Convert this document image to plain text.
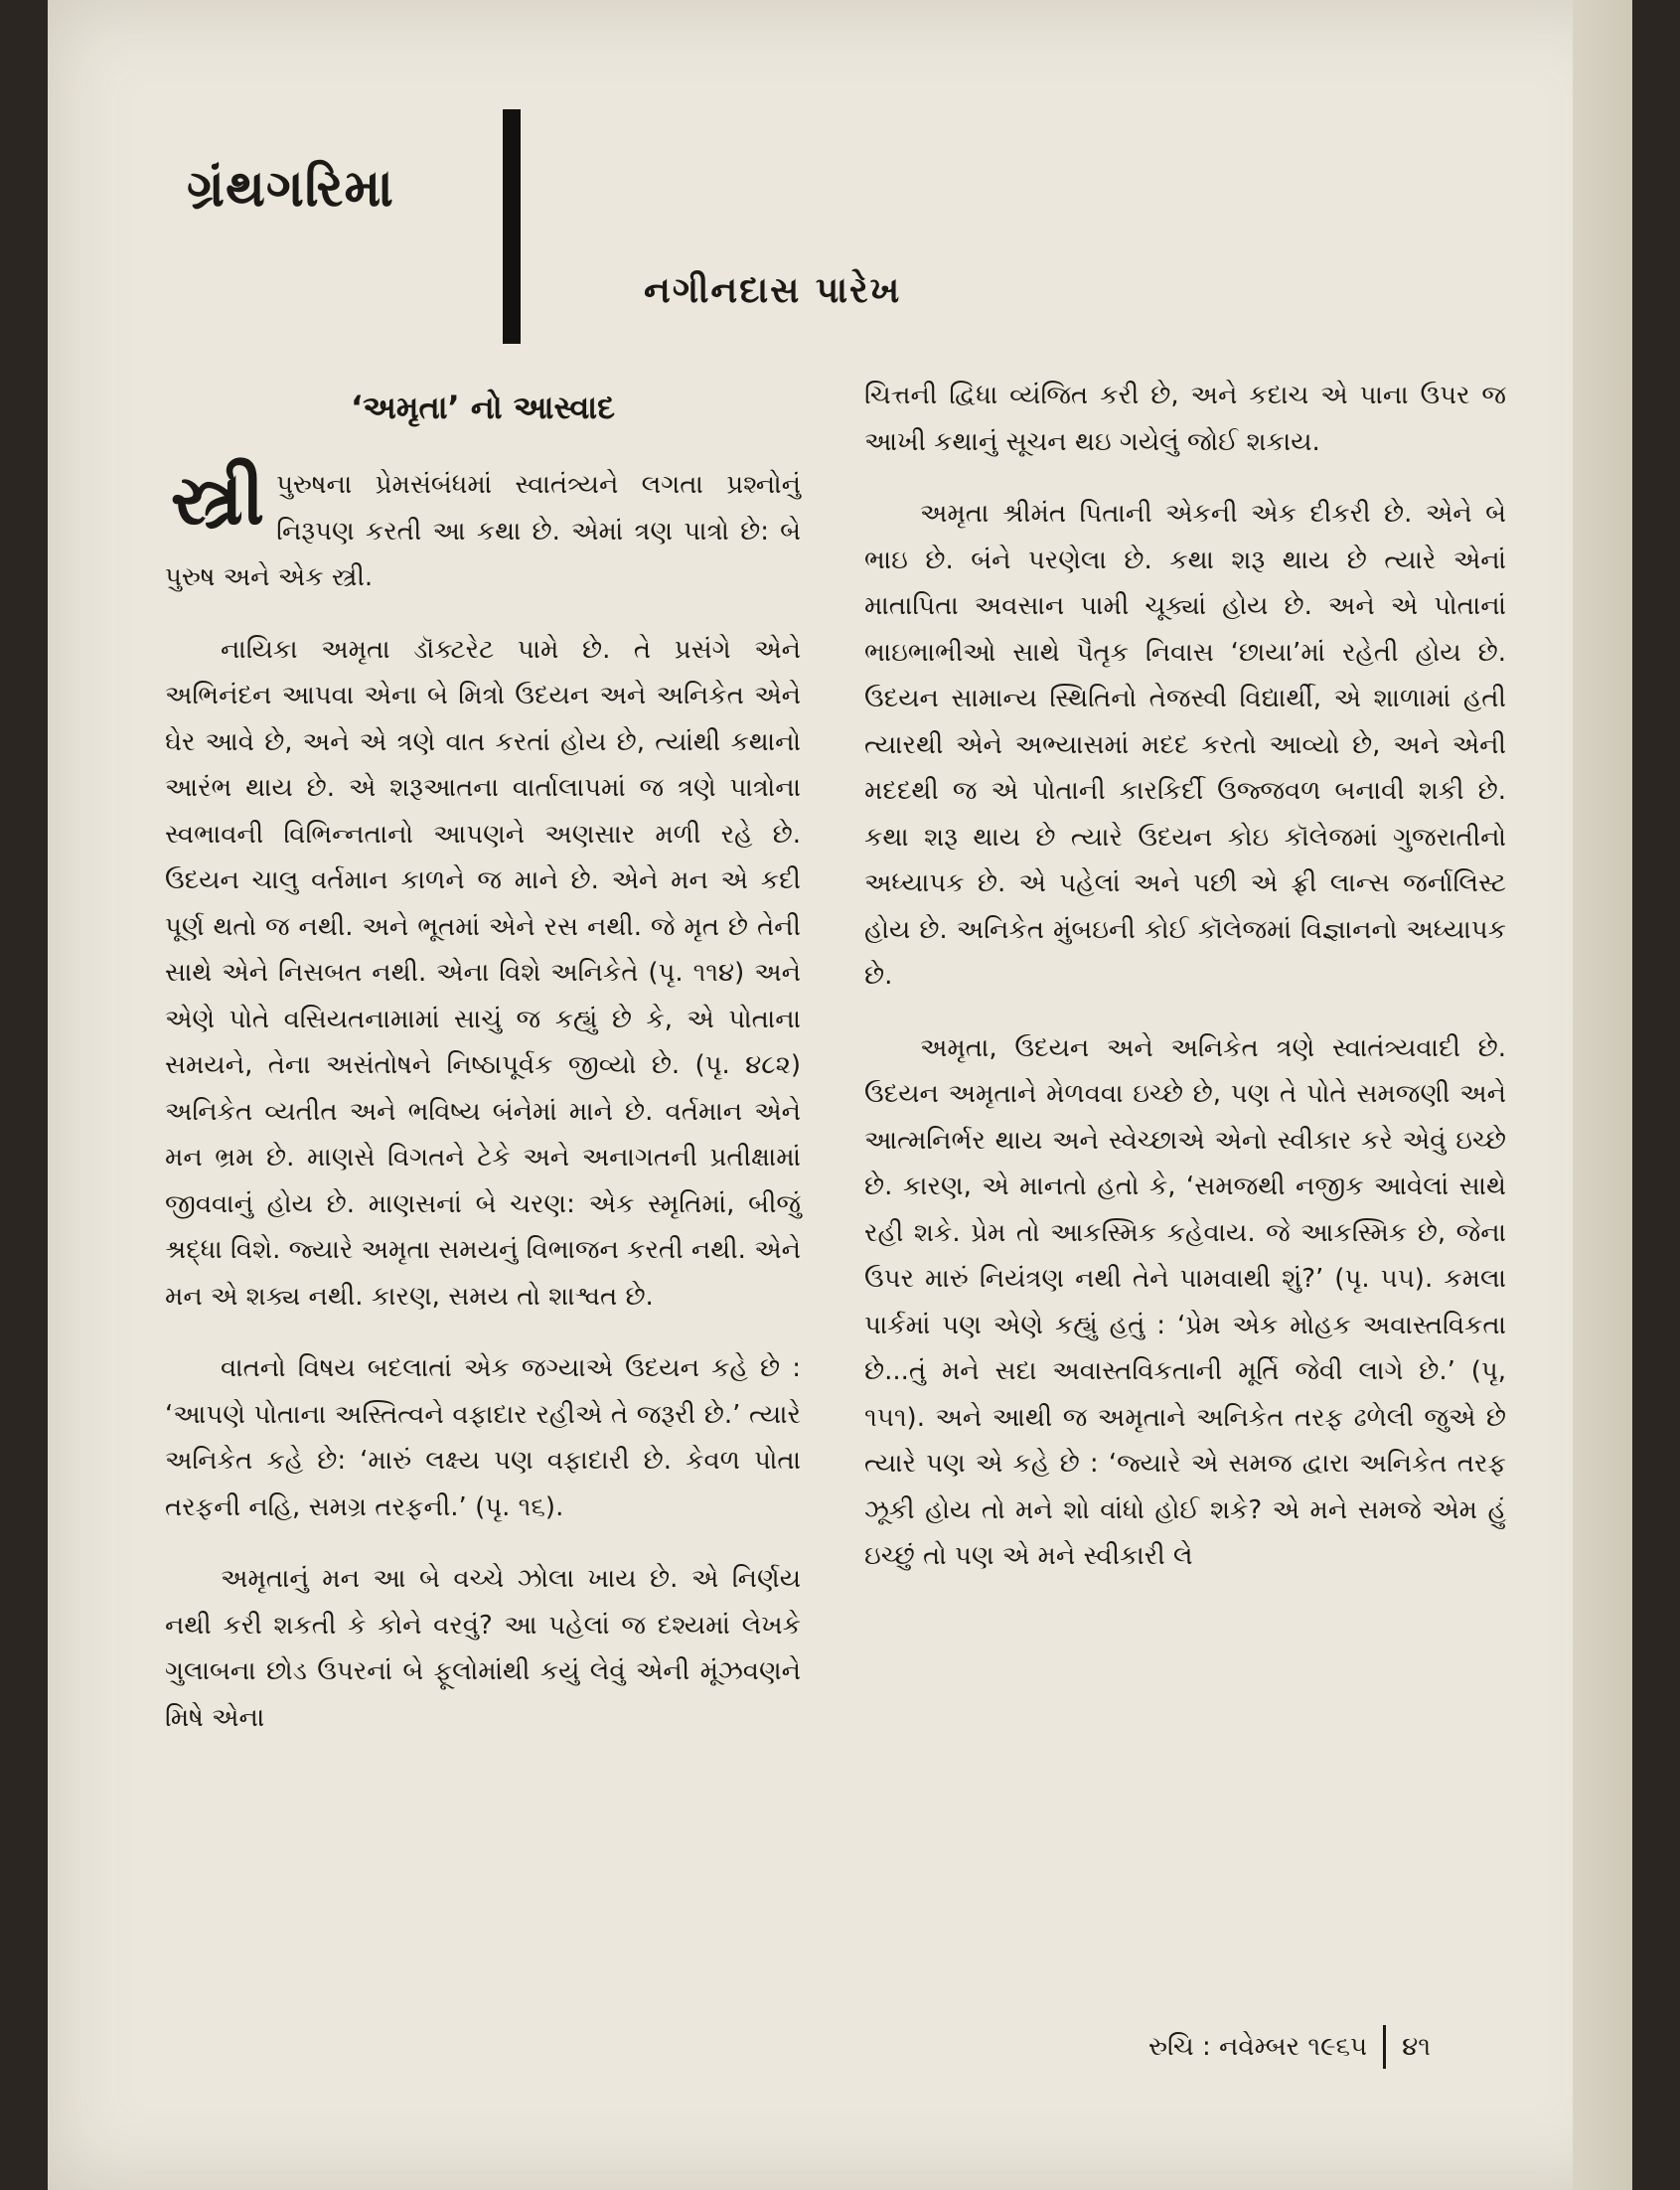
ગ્રંથગરિમા
નગીનદાસ પારેખ
‘અમૃતા’ નો આસ્વાદ

સ્ત્રી પુરુષના પ્રેમસંબંધમાં સ્વાતંત્ર્યને લગતા પ્રશ્નોનું નિરૂપણ કરતી આ કથા છે. એમાં ત્રણ પાત્રો છે: બે પુરુષ અને એક સ્ત્રી.

નાયિકા અમૃતા ડૉક્ટરેટ પામે છે. તે પ્રસંગે એને અભિનંદન આપવા એના બે મિત્રો ઉદયન અને અનિકેત એને ઘેર આવે છે, અને એ ત્રણે વાત કરતાં હોય છે, ત્યાંથી કથાનો આરંભ થાય છે. એ શરૂઆતના વાર્તાલાપમાં જ ત્રણે પાત્રોના સ્વભાવની વિભિન્નતાનો આપણને અણસાર મળી રહે છે. ઉદયન ચાલુ વર્તમાન કાળને જ માને છે. એને મન એ કદી પૂર્ણ થતો જ નથી. અને ભૂતમાં એને રસ નથી. જે મૃત છે તેની સાથે એને નિસબત નથી. એના વિશે અનિકેતે (પૃ. ૧૧૪) અને એણે પોતે વસિયતનામામાં સાચું જ કહ્યું છે કે, એ પોતાના સમયને, તેના અસંતોષને નિષ્ઠાપૂર્વક જીવ્યો છે. (પૃ. ૪૮૨) અનિકેત વ્યતીત અને ભવિષ્ય બંનેમાં માને છે. વર્તમાન એને મન ભ્રમ છે. માણસે વિગતને ટેકે અને અનાગતની પ્રતીક્ષામાં જીવવાનું હોય છે. માણસનાં બે ચરણ: એક સ્મૃતિમાં, બીજું શ્રદ્ધા વિશે. જ્યારે અમૃતા સમયનું વિભાજન કરતી નથી. એને મન એ શક્ય નથી. કારણ, સમય તો શાશ્વત છે.

વાતનો વિષય બદલાતાં એક જગ્યાએ ઉદયન કહે છે : ‘આપણે પોતાના અસ્તિત્વને વફાદાર રહીએ તે જરૂરી છે.’ ત્યારે અનિકેત કહે છે: ‘મારું લક્ષ્ય પણ વફાદારી છે. કેવળ પોતા તરફની નહિ, સમગ્ર તરફની.’ (પૃ. ૧૬).

અમૃતાનું મન આ બે વચ્ચે ઝોલા ખાય છે. એ નિર્ણય નથી કરી શકતી કે કોને વરવું? આ પહેલાં જ દશ્યમાં લેખકે ગુલાબના છોડ ઉપરનાં બે ફૂલોમાંથી કયું લેવું એની મૂંઝવણને મિષે એના

ચિત્તની દ્વિધા વ્યંજિત કરી છે, અને કદાચ એ પાના ઉપર જ આખી કથાનું સૂચન થઇ ગયેલું જોઈ શકાય.

અમૃતા શ્રીમંત પિતાની એકની એક દીકરી છે. એને બે ભાઇ છે. બંને પરણેલા છે. કથા શરૂ થાય છે ત્યારે એનાં માતાપિતા અવસાન પામી ચૂક્યાં હોય છે. અને એ પોતાનાં ભાઇભાભીઓ સાથે પૈતૃક નિવાસ ‘છાયા’માં રહેતી હોય છે. ઉદયન સામાન્ય સ્થિતિનો તેજસ્વી વિદ્યાર્થી, એ શાળામાં હતી ત્યારથી એને અભ્યાસમાં મદદ કરતો આવ્યો છે, અને એની મદદથી જ એ પોતાની કારકિર્દી ઉજ્જવળ બનાવી શકી છે. કથા શરૂ થાય છે ત્યારે ઉદયન કોઇ કૉલેજમાં ગુજરાતીનો અધ્યાપક છે. એ પહેલાં અને પછી એ ફ્રી લાન્સ જર્નાલિસ્ટ હોય છે. અનિકેત મુંબઇની કોઈ કૉલેજમાં વિજ્ઞાનનો અધ્યાપક છે.

અમૃતા, ઉદયન અને અનિકેત ત્રણે સ્વાતંત્ર્યવાદી છે. ઉદયન અમૃતાને મેળવવા ઇચ્છે છે, પણ તે પોતે સમજણી અને આત્મનિર્ભર થાય અને સ્વેચ્છાએ એનો સ્વીકાર કરે એવું ઇચ્છે છે. કારણ, એ માનતો હતો કે, ‘સમજથી નજીક આવેલાં સાથે રહી શકે. પ્રેમ તો આકસ્મિક કહેવાય. જે આકસ્મિક છે, જેના ઉપર મારું નિયંત્રણ નથી તેને પામવાથી શું?’ (પૃ. ૫૫). કમલા પાર્કમાં પણ એણે કહ્યું હતું : ‘પ્રેમ એક મોહક અવાસ્તવિકતા છે...તું મને સદા અવાસ્તવિકતાની મૂર્તિ જેવી લાગે છે.’ (પૃ, ૧૫૧). અને આથી જ અમૃતાને અનિકેત તરફ ઢળેલી જુએ છે ત્યારે પણ એ કહે છે : ‘જ્યારે એ સમજ દ્વારા અનિકેત તરફ ઝૂકી હોય તો મને શો વાંધો હોઈ શકે? એ મને સમજે એમ હું ઇચ્છું તો પણ એ મને સ્વીકારી લે

રુચિ : નવેમ્બર ૧૯૬૫ ૪૧
